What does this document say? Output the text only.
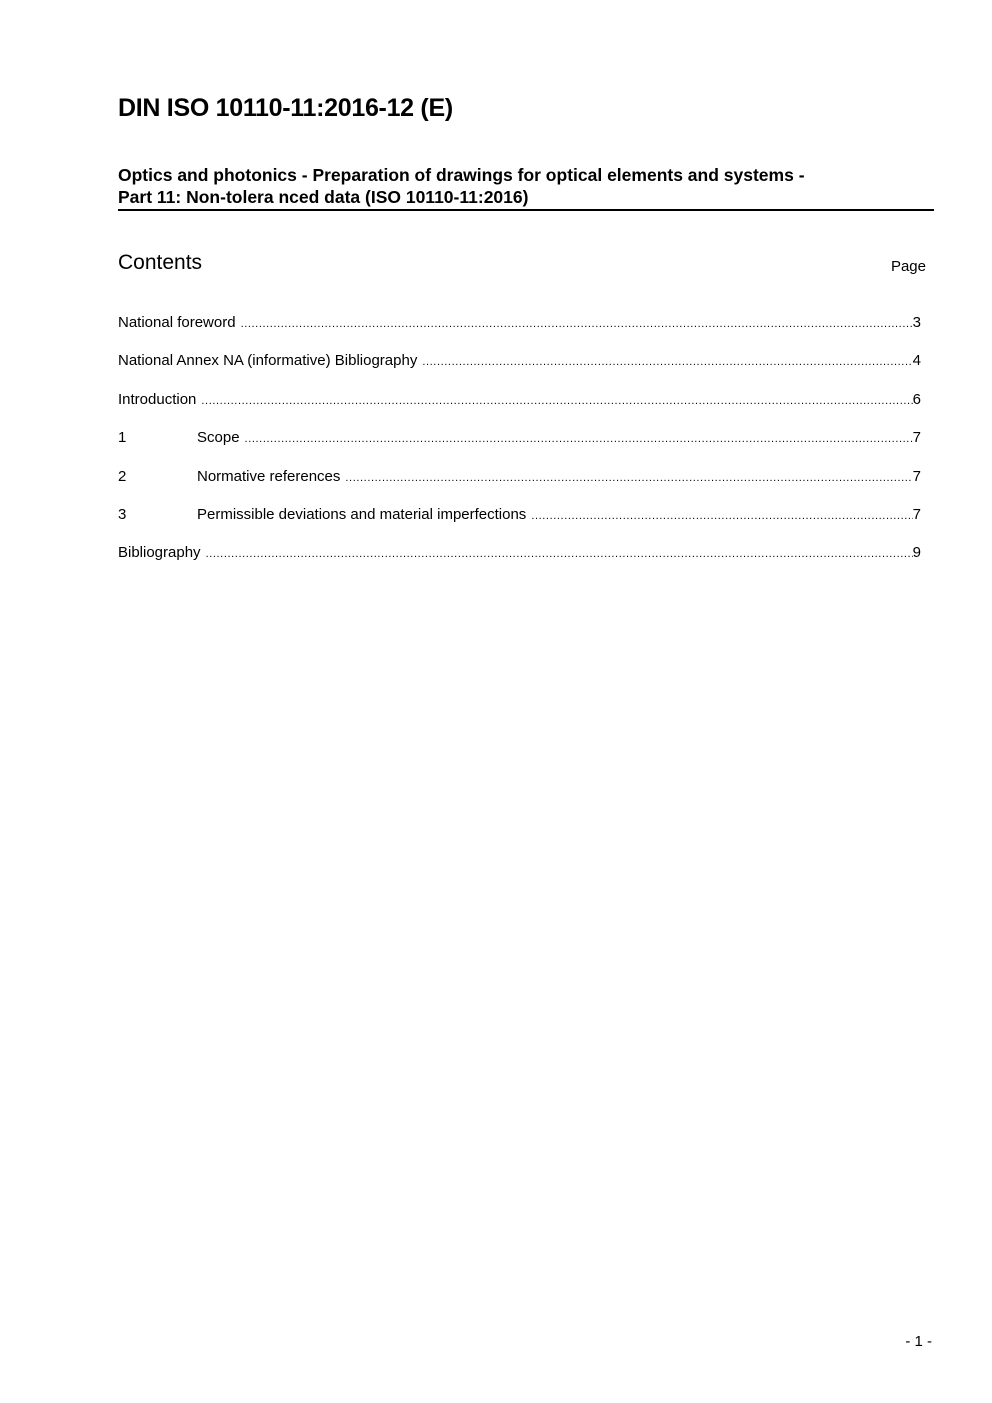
DIN ISO 10110-11:2016-12 (E)
Optics and photonics - Preparation of drawings for optical elements and systems -
Part 11: Non-tolera nced data (ISO 10110-11:2016)
Contents	Page
National foreword .....	3
National Annex NA (informative) Bibliography .....	4
Introduction .....	6
1	Scope .....	7
2	Normative references .....	7
3	Permissible deviations and material imperfections .....	7
Bibliography .....	9
- 1 -
